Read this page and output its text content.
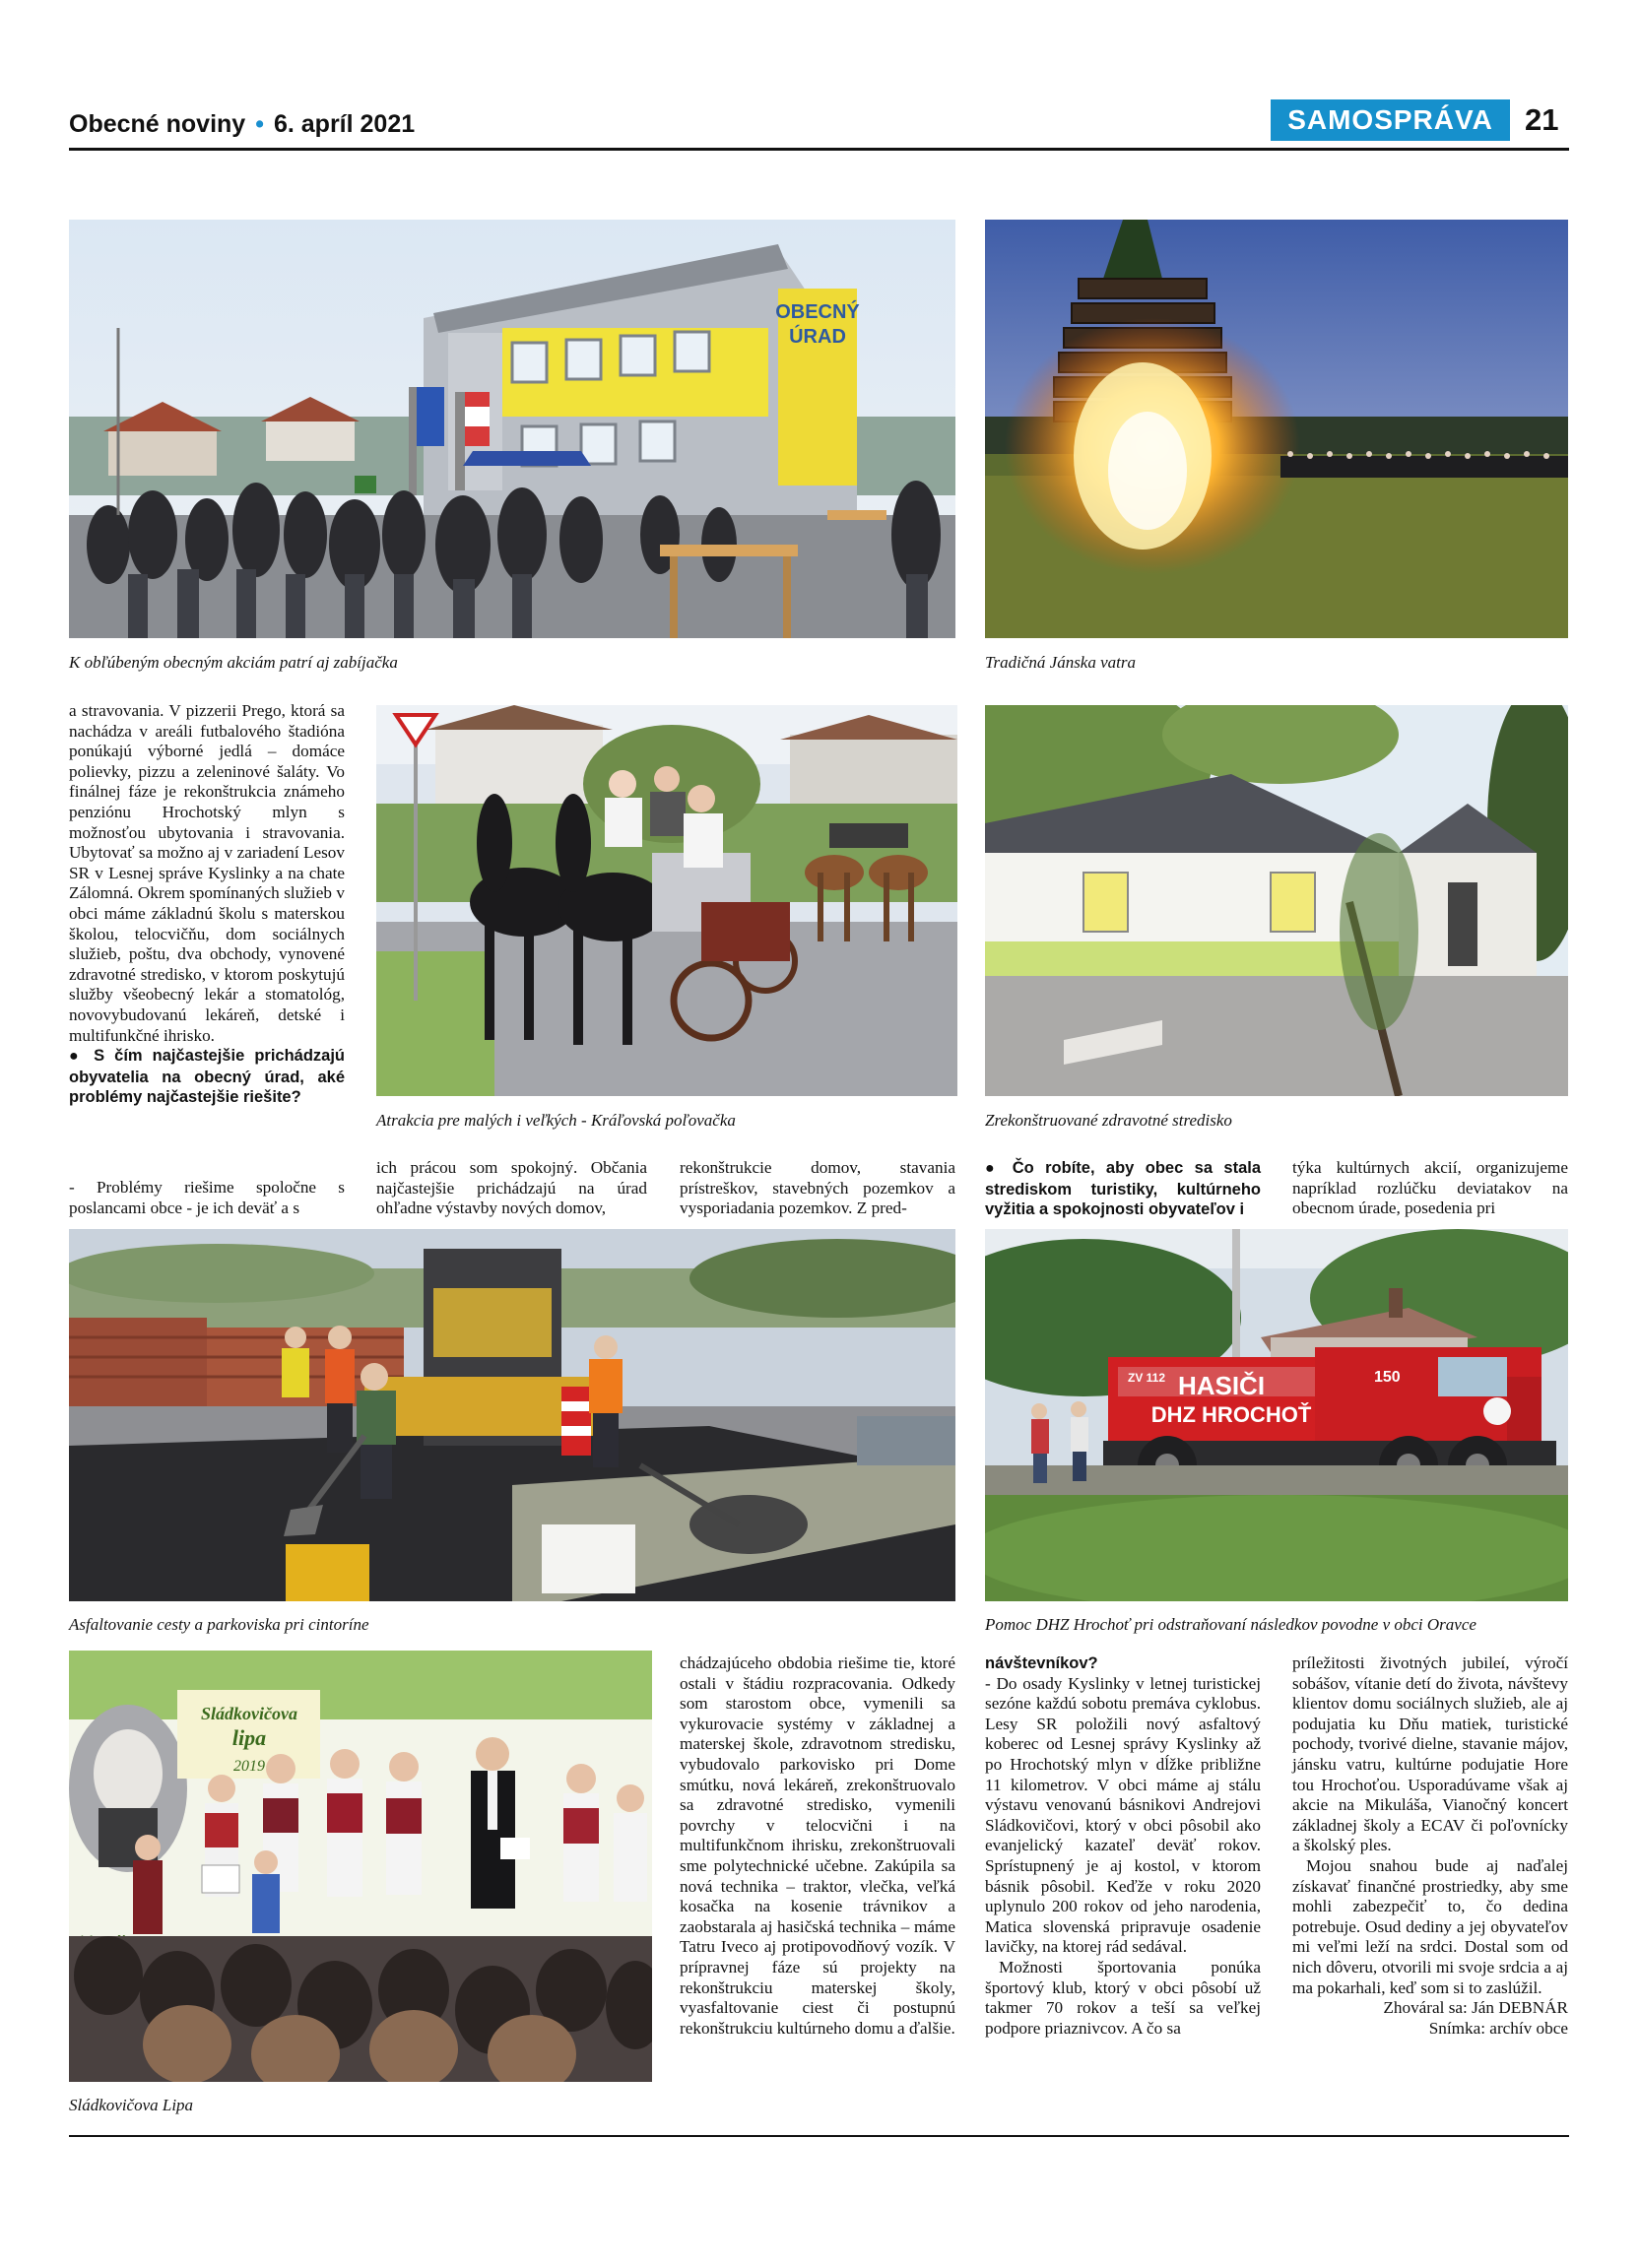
Obecné noviny • 6. apríl 2021	SAMOSPRÁVA	21
OBECNÝ
ÚRAD
K obľúbeným obecným akciám patrí aj zabíjačka	Tradičná Jánska vatra

a stravovania. V pizzerii Prego, ktorá sa nachádza v areáli futbalového štadióna ponúkajú výborné jedlá – domáce polievky, pizzu a zeleninové šaláty. Vo finálnej fáze je rekonštrukcia známeho penziónu Hrochotský mlyn s možnosťou ubytovania i stravovania. Ubytovať sa možno aj v zariadení Lesov SR v Lesnej správe Kyslinky a na chate Zálomná. Okrem spomínaných služieb v obci máme základnú školu s materskou školou, telocvičňu, dom sociálnych služieb, poštu, dva obchody, vynovené zdravotné stredisko, v ktorom poskytujú služby všeobecný lekár a stomatológ, novovybudovanú lekáreň, detské i multifunkčné ihrisko.

● S čím najčastejšie prichádzajú obyvatelia na obecný úrad, aké problémy najčastejšie riešite?

Atrakcia pre malých i veľkých - Kráľovská poľovačka	Zrekonštruované zdravotné stredisko

- Problémy riešime spoločne s poslancami obce - je ich deväť a s

ich prácou som spokojný. Občania najčastejšie prichádzajú na úrad ohľadne výstavby nových domov,

rekonštrukcie domov, stavania prístreškov, stavebných pozemkov a vysporiadania pozemkov. Z pred-

● Čo robíte, aby obec sa stala strediskom turistiky, kultúrneho vyžitia a spokojnosti obyvateľov i

týka kultúrnych akcií, organizujeme napríklad rozlúčku deviatakov na obecnom úrade, posedenia pri

Asfaltovanie cesty a parkoviska pri cintoríne
HASIČI
DHZ HROCHOŤ
150
ZV 112
Pomoc DHZ Hrochoť pri odstraňovaní následkov povodne v obci Oravce
Sládkovičova
lipa
2019
Sládkovičova Lipa

chádzajúceho obdobia riešime tie, ktoré ostali v štádiu rozpracovania. Odkedy som starostom obce, vymenili sa vykurovacie systémy v základnej a materskej škole, zdravotnom stredisku, vybudovalo parkovisko pri Dome smútku, nová lekáreň, zrekonštruovalo sa zdravotné stredisko, vymenili povrchy v telocvični i na multifunkčnom ihrisku, zrekonštruovali sme polytechnické učebne. Zakúpila sa nová technika – traktor, vlečka, veľká kosačka na kosenie trávnikov a zaobstarala aj hasičská technika – máme Tatru Iveco aj protipovodňový vozík. V prípravnej fáze sú projekty na rekonštrukciu materskej školy, vyasfaltovanie ciest či postupnú rekonštrukciu kultúrneho domu a ďalšie.

návštevníkov?

- Do osady Kyslinky v letnej turistickej sezóne každú sobotu premáva cyklobus. Lesy SR položili nový asfaltový koberec od Lesnej správy Kyslinky až po Hrochotský mlyn v dĺžke približne 11 kilometrov. V obci máme aj stálu výstavu venovanú básnikovi Andrejovi Sládkovičovi, ktorý v obci pôsobil ako evanjelický kazateľ deväť rokov. Sprístupnený je aj kostol, v ktorom básnik pôsobil. Keďže v roku 2020 uplynulo 200 rokov od jeho narodenia, Matica slovenská pripravuje osadenie lavičky, na ktorej rád sedával.

Možnosti športovania ponúka športový klub, ktorý v obci pôsobí už takmer 70 rokov a teší sa veľkej podpore priaznivcov. A čo sa

príležitosti životných jubileí, výročí sobášov, vítanie detí do života, návštevy klientov domu sociálnych služieb, ale aj podujatia ku Dňu matiek, turistické pochody, tvorivé dielne, stavanie májov, jánsku vatru, kultúrne podujatie Hore tou Hrochoťou. Usporadúvame však aj akcie na Mikuláša, Vianočný koncert základnej školy a ECAV či poľovnícky a školský ples.

Mojou snahou bude aj naďalej získavať finančné prostriedky, aby sme mohli zabezpečiť to, čo dedina potrebuje. Osud dediny a jej obyvateľov mi veľmi leží na srdci. Dostal som od nich dôveru, otvorili mi svoje srdcia a aj ma pokarhali, keď som si to zaslúžil.

Zhováral sa: Ján DEBNÁR

Snímka: archív obce
